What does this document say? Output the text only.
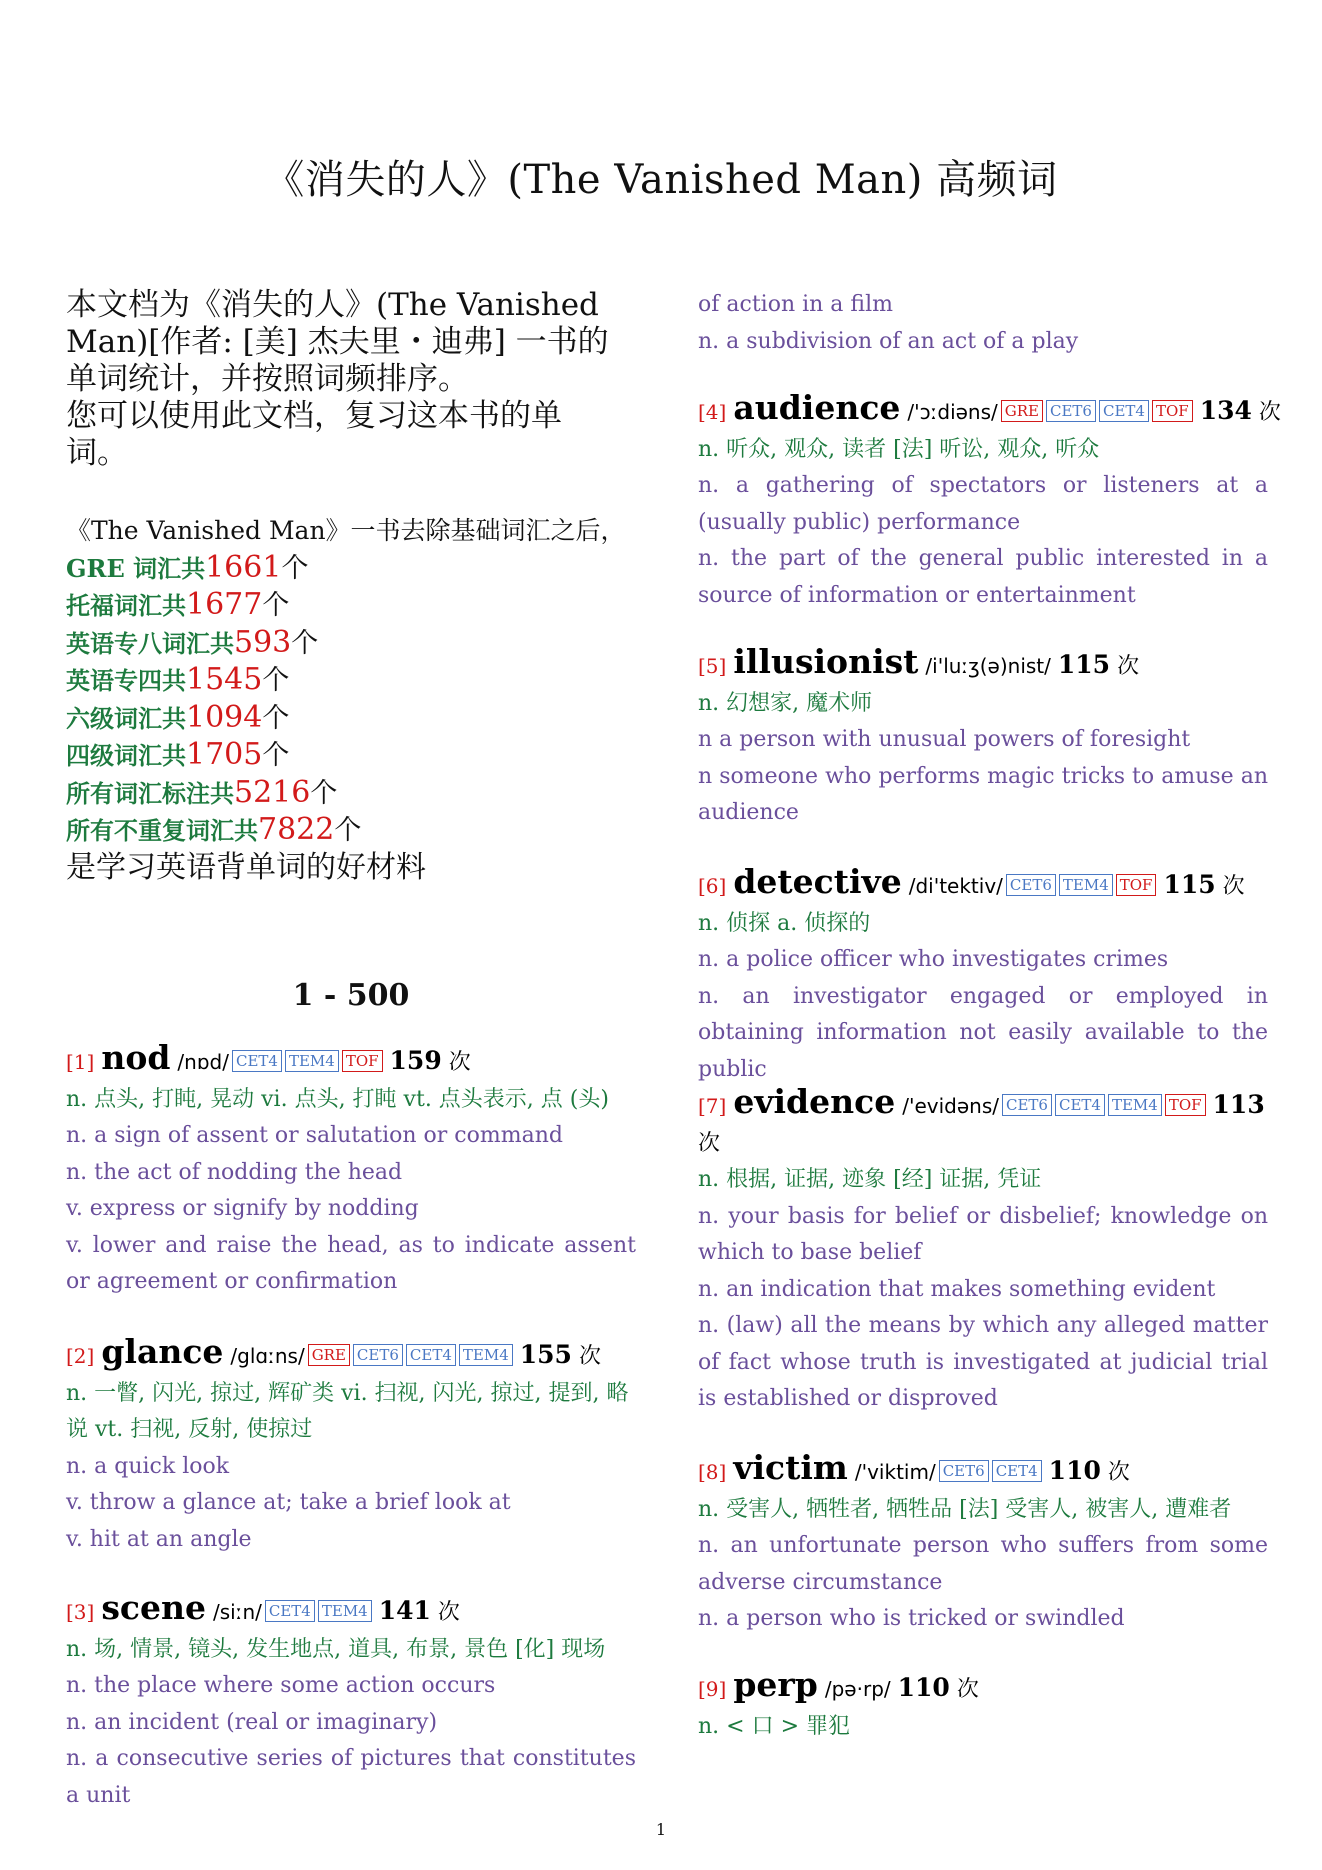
《消失的人》(The Vanished Man) 高频词
本文档为《消失的人》(The Vanished
Man)[作者: [美] 杰夫里・迪弗] 一书的
单词统计，并按照词频排序。
您可以使用此文档，复习这本书的单
词。
《The Vanished Man》一书去除基础词汇之后，
GRE 词汇共1661个
托福词汇共1677个
英语专八词汇共593个
英语专四共1545个
六级词汇共1094个
四级词汇共1705个
所有词汇标注共5216个
所有不重复词汇共7822个
是学习英语背单词的好材料
1 - 500
[1] nod /nɒd/ CET4 TEM4 TOF 159 次
n. 点头, 打盹, 晃动 vi. 点头, 打盹 vt. 点头表示, 点 (头)
n. a sign of assent or salutation or command
n. the act of nodding the head
v. express or signify by nodding
v. lower and raise the head, as to indicate assent or agreement or confirmation
[2] glance /glɑːns/ GRE CET6 CET4 TEM4 155 次
n. 一瞥, 闪光, 掠过, 辉矿类 vi. 扫视, 闪光, 掠过, 提到, 略说 vt. 扫视, 反射, 使掠过
n. a quick look
v. throw a glance at; take a brief look at
v. hit at an angle
[3] scene /siːn/ CET4 TEM4 141 次
n. 场, 情景, 镜头, 发生地点, 道具, 布景, 景色 [化] 现场
n. the place where some action occurs
n. an incident (real or imaginary)
n. a consecutive series of pictures that constitutes a unit
of action in a film
n. a subdivision of an act of a play
[4] audience /'ɔːdiəns/ GRE CET6 CET4 TOF 134 次
n. 听众, 观众, 读者 [法] 听讼, 观众, 听众
n. a gathering of spectators or listeners at a (usually public) performance
n. the part of the general public interested in a source of information or entertainment
[5] illusionist /i'luːʒ(ə)nist/ 115 次
n. 幻想家, 魔术师
n a person with unusual powers of foresight
n someone who performs magic tricks to amuse an audience
[6] detective /di'tektiv/ CET6 TEM4 TOF 115 次
n. 侦探 a. 侦探的
n. a police officer who investigates crimes
n. an investigator engaged or employed in obtaining information not easily available to the public
[7] evidence /'evidəns/ CET6 CET4 TEM4 TOF 113 次
n. 根据, 证据, 迹象 [经] 证据, 凭证
n. your basis for belief or disbelief; knowledge on which to base belief
n. an indication that makes something evident
n. (law) all the means by which any alleged matter of fact whose truth is investigated at judicial trial is established or disproved
[8] victim /'viktim/ CET6 CET4 110 次
n. 受害人, 牺牲者, 牺牲品 [法] 受害人, 被害人, 遭难者
n. an unfortunate person who suffers from some adverse circumstance
n. a person who is tricked or swindled
[9] perp /pə·rp/ 110 次
n. < 口 > 罪犯
1
